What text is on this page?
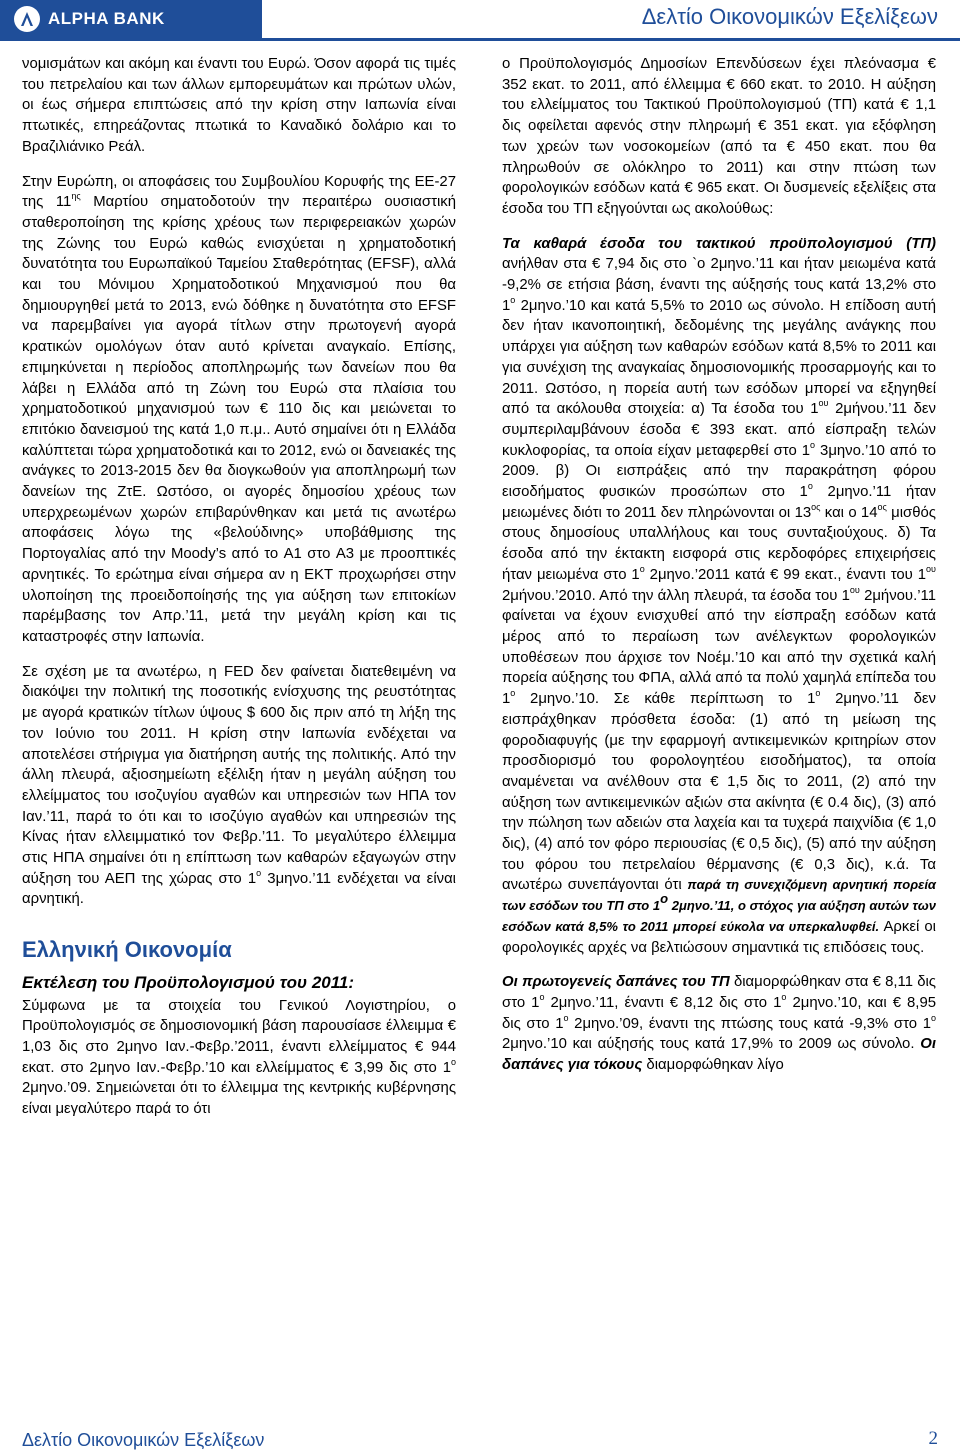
ALPHA BANK	Δελτίο Οικονομικών Εξελίξεων

νομισμάτων και ακόμη και έναντι του Ευρώ. Όσον αφορά τις τιμές του πετρελαίου και των άλλων εμπορευμάτων και πρώτων υλών, οι έως σήμερα επιπτώσεις από την κρίση στην Ιαπωνία είναι πτωτικές, επηρεάζοντας πτωτικά το Καναδικό δολάριο και το Βραζιλιάνικο Ρεάλ.

Στην Ευρώπη, οι αποφάσεις του Συμβουλίου Κορυφής της ΕΕ-27 της $11^{\eta\varsigma}$ Μαρτίου σηματοδοτούν την περαιτέρω ουσιαστική σταθεροποίηση της κρίσης χρέους των περιφερειακών χωρών της Ζώνης του Ευρώ καθώς ενισχύεται η χρηματοδοτική δυνατότητα του Ευρωπαϊκού Ταμείου Σταθερότητας (EFSF), αλλά και του Μόνιμου Χρηματοδοτικού Μηχανισμού που θα δημιουργηθεί μετά το 2013, ενώ δόθηκε η δυνατότητα στο EFSF να παρεμβαίνει για αγορά τίτλων στην πρωτογενή αγορά κρατικών ομολόγων όταν αυτό κρίνεται αναγκαίο. Επίσης, επιμηκύνεται η περίοδος αποπληρωμής των δανείων που θα λάβει η Ελλάδα από τη Ζώνη του Ευρώ στα πλαίσια του χρηματοδοτικού μηχανισμού των € 110 δις και μειώνεται το επιτόκιο δανεισμού της κατά 1,0 π.μ.. Αυτό σημαίνει ότι η Ελλάδα καλύπτεται τώρα χρηματοδοτικά και το 2012, ενώ οι δανειακές της ανάγκες το 2013-2015 δεν θα διογκωθούν για αποπληρωμή των δανείων της ΖτΕ. Ωστόσο, οι αγορές δημοσίου χρέους των υπερχρεωμένων χωρών επιβαρύνθηκαν και μετά τις ανωτέρω αποφάσεις λόγω της «βελούδινης» υποβάθμισης της Πορτογαλίας από την Moody’s από το A1 στο A3 με προοπτικές αρνητικές. Το ερώτημα είναι σήμερα αν η ΕΚΤ προχωρήσει στην υλοποίηση της προειδοποίησής της για αύξηση των επιτοκίων παρέμβασης τον Απρ.’11, μετά την μεγάλη κρίση και τις καταστροφές στην Ιαπωνία.

Σε σχέση με τα ανωτέρω, η FED δεν φαίνεται διατεθειμένη να διακόψει την πολιτική της ποσοτικής ενίσχυσης της ρευστότητας με αγορά κρατικών τίτλων ύψους $ 600 δις πριν από τη λήξη της τον Ιούνιο του 2011. Η κρίση στην Ιαπωνία ενδέχεται να αποτελέσει στήριγμα για διατήρηση αυτής της πολιτικής. Από την άλλη πλευρά, αξιοσημείωτη εξέλιξη ήταν η μεγάλη αύξηση του ελλείμματος του ισοζυγίου αγαθών και υπηρεσιών των ΗΠΑ τον Ιαν.’11, παρά το ότι και το ισοζύγιο αγαθών και υπηρεσιών της Κίνας ήταν ελλειμματικό τον Φεβρ.’11. Το μεγαλύτερο έλλειμμα στις ΗΠΑ σημαίνει ότι η επίπτωση των καθαρών εξαγωγών στην αύξηση του ΑΕΠ της χώρας στο $1^o$ 3μηνο.’11 ενδέχεται να είναι αρνητική.

Ελληνική Οικονομία
Εκτέλεση του Προϋπολογισμού του 2011:

Σύμφωνα με τα στοιχεία του Γενικού Λογιστηρίου, ο Προϋπολογισμός σε δημοσιονομική βάση παρουσίασε έλλειμμα € 1,03 δις στο 2μηνο Ιαν.-Φεβρ.’2011, έναντι ελλείμματος € 944 εκατ. στο 2μηνο Ιαν.-Φεβρ.’10 και ελλείμματος € 3,99 δις στο $1^o$ 2μηνο.’09. Σημειώνεται ότι το έλλειμμα της κεντρικής κυβέρνησης είναι μεγαλύτερο παρά το ότι

ο Προϋπολογισμός Δημοσίων Επενδύσεων έχει πλεόνασμα € 352 εκατ. το 2011, από έλλειμμα € 660 εκατ. το 2010. Η αύξηση του ελλείμματος του Τακτικού Προϋπολογισμού (ΤΠ) κατά € 1,1 δις οφείλεται αφενός στην πληρωμή € 351 εκατ. για εξόφληση των χρεών των νοσοκομείων (από τα € 450 εκατ. που θα πληρωθούν σε ολόκληρο το 2011) και στην πτώση των φορολογικών εσόδων κατά € 965 εκατ. Οι δυσμενείς εξελίξεις στα έσοδα του ΤΠ εξηγούνται ως ακολούθως:

Τα καθαρά έσοδα του τακτικού προϋπολογισμού (ΤΠ) ανήλθαν στα € 7,94 δις στο `ο 2μηνο.’11 και ήταν μειωμένα κατά -9,2% σε ετήσια βάση, έναντι της αύξησής τους κατά 13,2% στο $1^o$ 2μηνο.’10 και κατά 5,5% το 2010 ως σύνολο. Η επίδοση αυτή δεν ήταν ικανοποιητική, δεδομένης της μεγάλης ανάγκης που υπάρχει για αύξηση των καθαρών εσόδων κατά 8,5% το 2011 και για συνέχιση της αναγκαίας δημοσιονομικής προσαρμογής και το 2011. Ωστόσο, η πορεία αυτή των εσόδων μπορεί να εξηγηθεί από τα ακόλουθα στοιχεία: α) Τα έσοδα του $1^{o\upsilon}$ 2μήνου.’11 δεν συμπεριλαμβάνουν έσοδα € 393 εκατ. από είσπραξη τελών κυκλοφορίας, τα οποία είχαν μεταφερθεί στο $1^o$ 3μηνο.’10 από το 2009. β) Οι εισπράξεις από την παρακράτηση φόρου εισοδήματος φυσικών προσώπων στο $1^o$ 2μηνο.’11 ήταν μειωμένες διότι το 2011 δεν πληρώνονται οι $13^{o\varsigma}$ και ο $14^{o\varsigma}$ μισθός στους δημοσίους υπαλλήλους και τους συνταξιούχους. δ) Τα έσοδα από την έκτακτη εισφορά στις κερδοφόρες επιχειρήσεις ήταν μειωμένα στο $1^o$ 2μηνο.’2011 κατά € 99 εκατ., έναντι του $1^{o\upsilon}$ 2μήνου.’2010. Από την άλλη πλευρά, τα έσοδα του $1^{o\upsilon}$ 2μήνου.’11 φαίνεται να έχουν ενισχυθεί από την είσπραξη εσόδων κατά μέρος από το περαίωση των ανέλεγκτων φορολογικών υποθέσεων που άρχισε τον Νοέμ.’10 και από την σχετικά καλή πορεία αύξησης του ΦΠΑ, αλλά από τα πολύ χαμηλά επίπεδα του $1^o$ 2μηνο.’10. Σε κάθε περίπτωση το $1^o$ 2μηνο.’11 δεν εισπράχθηκαν πρόσθετα έσοδα: (1) από τη μείωση της φοροδιαφυγής (με την εφαρμογή αντικειμενικών κριτηρίων στον προσδιορισμό του φορολογητέου εισοδήματος), τα οποία αναμένεται να ανέλθουν στα € 1,5 δις το 2011, (2) από την αύξηση των αντικειμενικών αξιών στα ακίνητα (€ 0.4 δις), (3) από την πώληση των αδειών στα λαχεία και τα τυχερά παιχνίδια (€ 1,0 δις), (4) από τον φόρο περιουσίας (€ 0,5 δις), (5) από την αύξηση του φόρου του πετρελαίου θέρμανσης (€ 0,3 δις), κ.ά. Τα ανωτέρω συνεπάγονται ότι παρά τη συνεχιζόμενη αρνητική πορεία των εσόδων του ΤΠ στο $1^o$ 2μηνο.’11, ο στόχος για αύξηση αυτών των εσόδων κατά 8,5% το 2011 μπορεί εύκολα να υπερκαλυφθεί. Αρκεί οι φορολογικές αρχές να βελτιώσουν σημαντικά τις επιδόσεις τους.

Οι πρωτογενείς δαπάνες του ΤΠ διαμορφώθηκαν στα € 8,11 δις στο $1^o$ 2μηνο.’11, έναντι € 8,12 δις στο $1^o$ 2μηνο.’10, και € 8,95 δις στο $1^o$ 2μηνο.’09, έναντι της πτώσης τους κατά -9,3% στο $1^o$ 2μηνο.’10 και αύξησής τους κατά 17,9% το 2009 ως σύνολο. Οι δαπάνες για τόκους διαμορφώθηκαν λίγο

Δελτίο Οικονομικών Εξελίξεων	2
